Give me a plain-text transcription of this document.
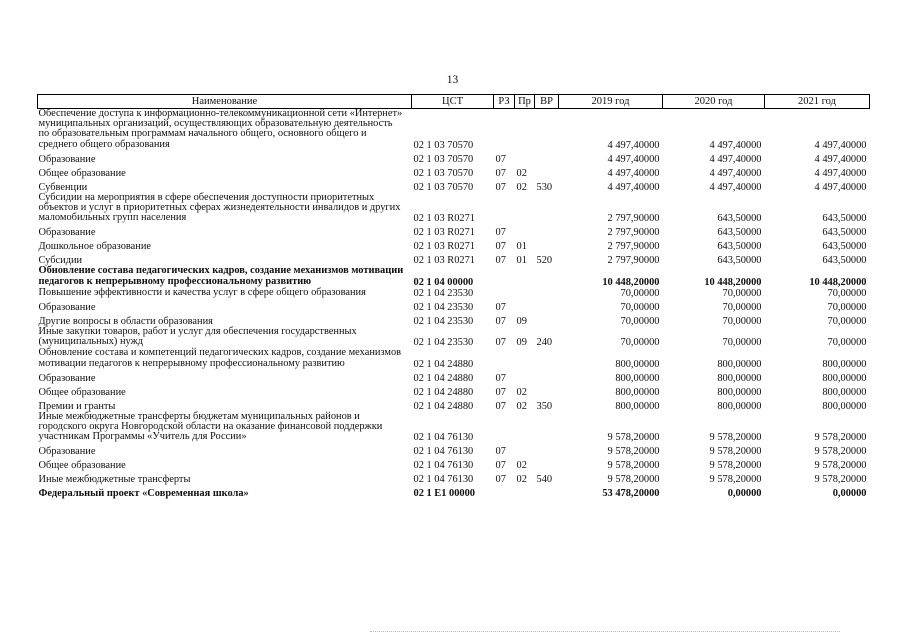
13
Наименование	ЦСТ	РЗ	Пр	ВР	2019 год	2020 год	2021 год
Обеспечение доступа к информационно-телекоммуникационной сети «Интернет» муниципальных организаций, осуществляющих образовательную деятельность по образовательным программам начального общего, основного общего и среднего общего образования	02 1 03 70570				4 497,40000	4 497,40000	4 497,40000
Образование	02 1 03 70570	07			4 497,40000	4 497,40000	4 497,40000
Общее образование	02 1 03 70570	07	02		4 497,40000	4 497,40000	4 497,40000
Субвенции	02 1 03 70570	07	02	530	4 497,40000	4 497,40000	4 497,40000
Субсидии на мероприятия в сфере обеспечения доступности приоритетных объектов и услуг в приоритетных сферах жизнедеятельности инвалидов и других маломобильных групп населения	02 1 03 R0271				2 797,90000	643,50000	643,50000
Образование	02 1 03 R0271	07			2 797,90000	643,50000	643,50000
Дошкольное образование	02 1 03 R0271	07	01		2 797,90000	643,50000	643,50000
Субсидии	02 1 03 R0271	07	01	520	2 797,90000	643,50000	643,50000
Обновление состава педагогических кадров, создание механизмов мотивации педагогов к непрерывному профессиональному развитию	02 1 04 00000				10 448,20000	10 448,20000	10 448,20000
Повышение эффективности и качества услуг в сфере общего образования	02 1 04 23530				70,00000	70,00000	70,00000
Образование	02 1 04 23530	07			70,00000	70,00000	70,00000
Другие вопросы в области образования	02 1 04 23530	07	09		70,00000	70,00000	70,00000
Иные закупки товаров, работ и услуг для обеспечения государственных (муниципальных) нужд	02 1 04 23530	07	09	240	70,00000	70,00000	70,00000
Обновление состава и компетенций педагогических кадров, создание механизмов мотивации педагогов к непрерывному профессиональному развитию	02 1 04 24880				800,00000	800,00000	800,00000
Образование	02 1 04 24880	07			800,00000	800,00000	800,00000
Общее образование	02 1 04 24880	07	02		800,00000	800,00000	800,00000
Премии и гранты	02 1 04 24880	07	02	350	800,00000	800,00000	800,00000
Иные межбюджетные трансферты бюджетам муниципальных районов и городского округа Новгородской области на оказание финансовой поддержки участникам Программы «Учитель для России»	02 1 04 76130				9 578,20000	9 578,20000	9 578,20000
Образование	02 1 04 76130	07			9 578,20000	9 578,20000	9 578,20000
Общее образование	02 1 04 76130	07	02		9 578,20000	9 578,20000	9 578,20000
Иные межбюджетные трансферты	02 1 04 76130	07	02	540	9 578,20000	9 578,20000	9 578,20000
Федеральный проект «Современная школа»	02 1 E1 00000				53 478,20000	0,00000	0,00000
